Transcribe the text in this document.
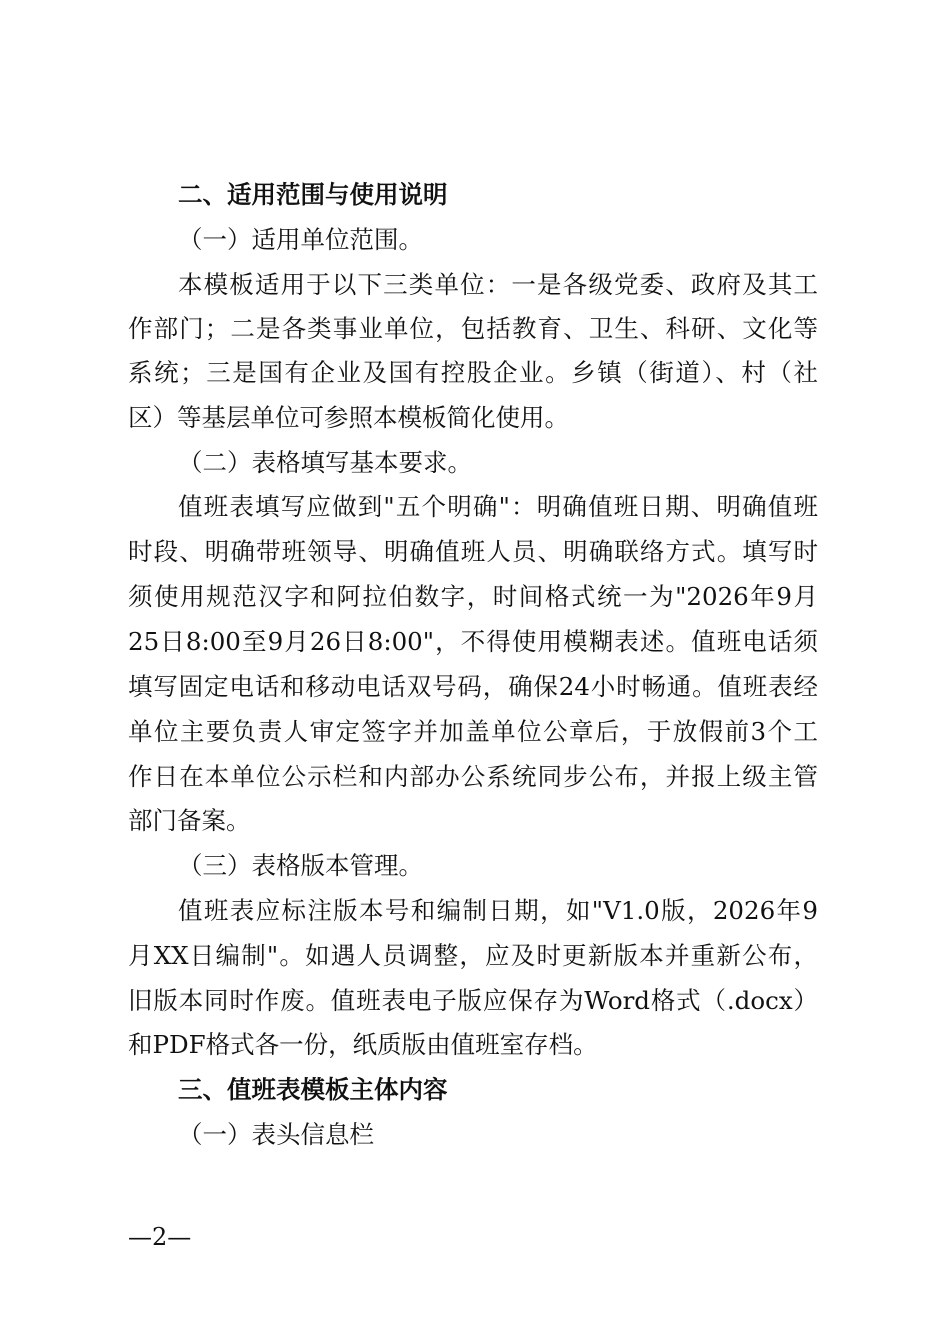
二、适用范围与使用说明
（一）适用单位范围。
本模板适用于以下三类单位：一是各级党委、政府及其工
作部门；二是各类事业单位，包括教育、卫生、科研、文化等
系统；三是国有企业及国有控股企业。乡镇（街道）、村（社
区）等基层单位可参照本模板简化使用。
（二）表格填写基本要求。
值班表填写应做到"五个明确"：明确值班日期、明确值班
时段、明确带班领导、明确值班人员、明确联络方式。填写时
须使用规范汉字和阿拉伯数字，时间格式统一为"2026年9月
25日8:00至9月26日8:00"，不得使用模糊表述。值班电话须
填写固定电话和移动电话双号码，确保24小时畅通。值班表经
单位主要负责人审定签字并加盖单位公章后，于放假前3个工
作日在本单位公示栏和内部办公系统同步公布，并报上级主管
部门备案。
（三）表格版本管理。
值班表应标注版本号和编制日期，如"V1.0版，2026年9
月XX日编制"。如遇人员调整，应及时更新版本并重新公布，
旧版本同时作废。值班表电子版应保存为Word格式（.docx）
和PDF格式各一份，纸质版由值班室存档。
三、值班表模板主体内容
（一）表头信息栏
—2—
